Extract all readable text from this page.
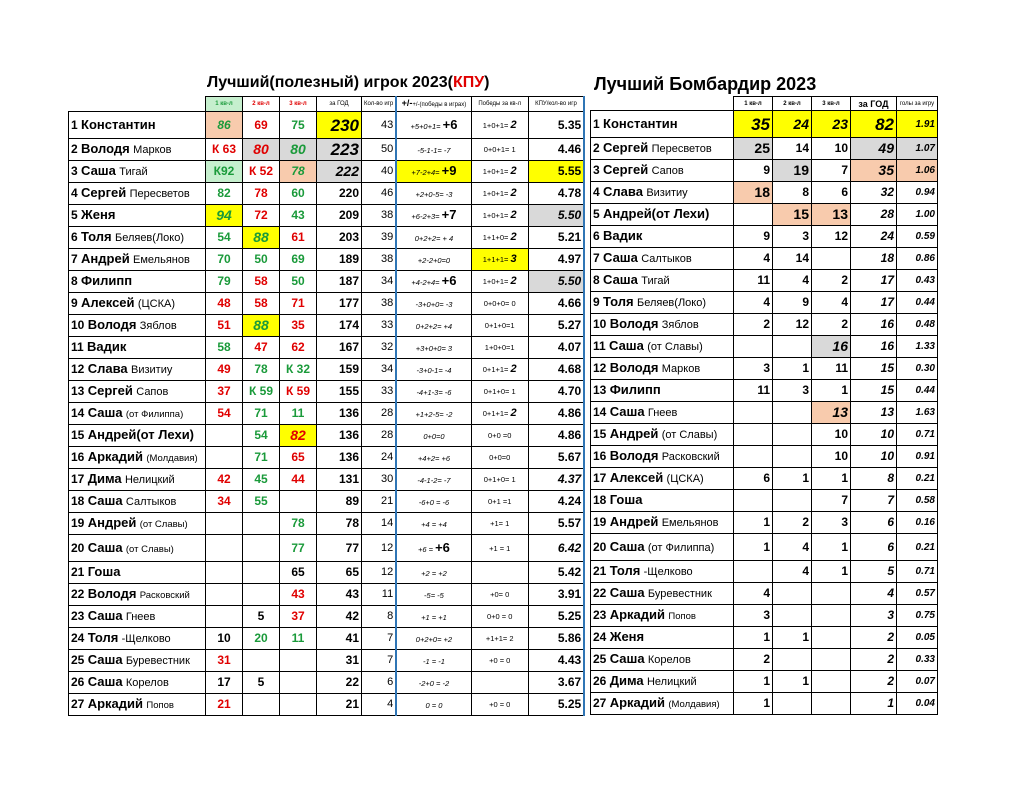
Лучший(полезный) игрок 2023(КПУ)	Лучший Бомбардир 2023
	1 кв-л	2 кв-л	3 кв-л	за ГОД	Кол-во игр	+/-+/-(победы в играх)	Победы за кв-л	КПУ/кол-во игр
1 Константин	86	69	75	230	43	+5+0+1= +6	1+0+1= 2	5.35
2 Володя Марков	К 63	80	80	223	50	-5-1-1= -7	0+0+1= 1	4.46
3 Саша Тигай	К92	К 52	78	222	40	+7-2+4= +9	1+0+1= 2	5.55
4 Сергей Пересветов	82	78	60	220	46	+2+0-5= -3	1+0+1= 2	4.78
5 Женя	94	72	43	209	38	+6-2+3= +7	1+0+1= 2	5.50
6 Толя Беляев(Локо)	54	88	61	203	39	0+2+2= + 4	1+1+0= 2	5.21
7 Андрей Емельянов	70	50	69	189	38	+2-2+0=0	1+1+1= 3	4.97
8 Филипп	79	58	50	187	34	+4-2+4= +6	1+0+1= 2	5.50
9 Алексей (ЦСКА)	48	58	71	177	38	-3+0+0= -3	0+0+0= 0	4.66
10 Володя Зяблов	51	88	35	174	33	0+2+2= +4	0+1+0=1	5.27
11 Вадик	58	47	62	167	32	+3+0+0= 3	1+0+0=1	4.07
12 Слава Визитиу	49	78	К 32	159	34	-3+0-1= -4	0+1+1= 2	4.68
13 Сергей Сапов	37	К 59	К 59	155	33	-4+1-3= -6	0+1+0= 1	4.70
14 Саша (от Филиппа)	54	71	11	136	28	+1+2-5= -2	0+1+1= 2	4.86
15 Андрей(от Лехи)		54	82	136	28	0+0=0	0+0 =0	4.86
16 Аркадий (Молдавия)		71	65	136	24	+4+2= +6	0+0=0	5.67
17 Дима Нелицкий	42	45	44	131	30	-4-1-2= -7	0+1+0= 1	4.37
18 Саша Салтыков	34	55		89	21	-6+0 = -6	0+1 =1	4.24
19 Андрей (от Славы)			78	78	14	+4 = +4	+1= 1	5.57
20 Саша (от Славы)			77	77	12	+6 = +6	+1 = 1	6.42
21 Гоша			65	65	12	+2 = +2		5.42
22 Володя Расковский			43	43	11	-5= -5	+0= 0	3.91
23 Саша Гнеев		5	37	42	8	+1 = +1	0+0 = 0	5.25
24 Толя -Щелково	10	20	11	41	7	0+2+0= +2	+1+1= 2	5.86
25 Саша Буревестник	31			31	7	-1 = -1	+0 = 0	4.43
26 Саша Корелов	17	5		22	6	-2+0 = -2		3.67
27 Аркадий Попов	21			21	4	0 = 0	+0 = 0	5.25
	1 кв-л	2 кв-л	3 кв-л	за ГОД	голы за игру
1 Константин	35	24	23	82	1.91
2 Сергей Пересветов	25	14	10	49	1.07
3 Сергей Сапов	9	19	7	35	1.06
4 Слава Визитиу	18	8	6	32	0.94
5 Андрей(от Лехи)		15	13	28	1.00
6 Вадик	9	3	12	24	0.59
7 Саша Салтыков	4	14		18	0.86
8 Саша Тигай	11	4	2	17	0.43
9 Толя Беляев(Локо)	4	9	4	17	0.44
10 Володя Зяблов	2	12	2	16	0.48
11 Саша (от Славы)			16	16	1.33
12 Володя Марков	3	1	11	15	0.30
13 Филипп	11	3	1	15	0.44
14 Саша Гнеев			13	13	1.63
15 Андрей (от Славы)			10	10	0.71
16 Володя Расковский			10	10	0.91
17 Алексей (ЦСКА)	6	1	1	8	0.21
18 Гоша			7	7	0.58
19 Андрей Емельянов	1	2	3	6	0.16
20 Саша (от Филиппа)	1	4	1	6	0.21
21 Толя -Щелково		4	1	5	0.71
22 Саша Буревестник	4			4	0.57
23 Аркадий Попов	3			3	0.75
24 Женя	1	1		2	0.05
25 Саша Корелов	2			2	0.33
26 Дима Нелицкий	1	1		2	0.07
27 Аркадий (Молдавия)	1			1	0.04
